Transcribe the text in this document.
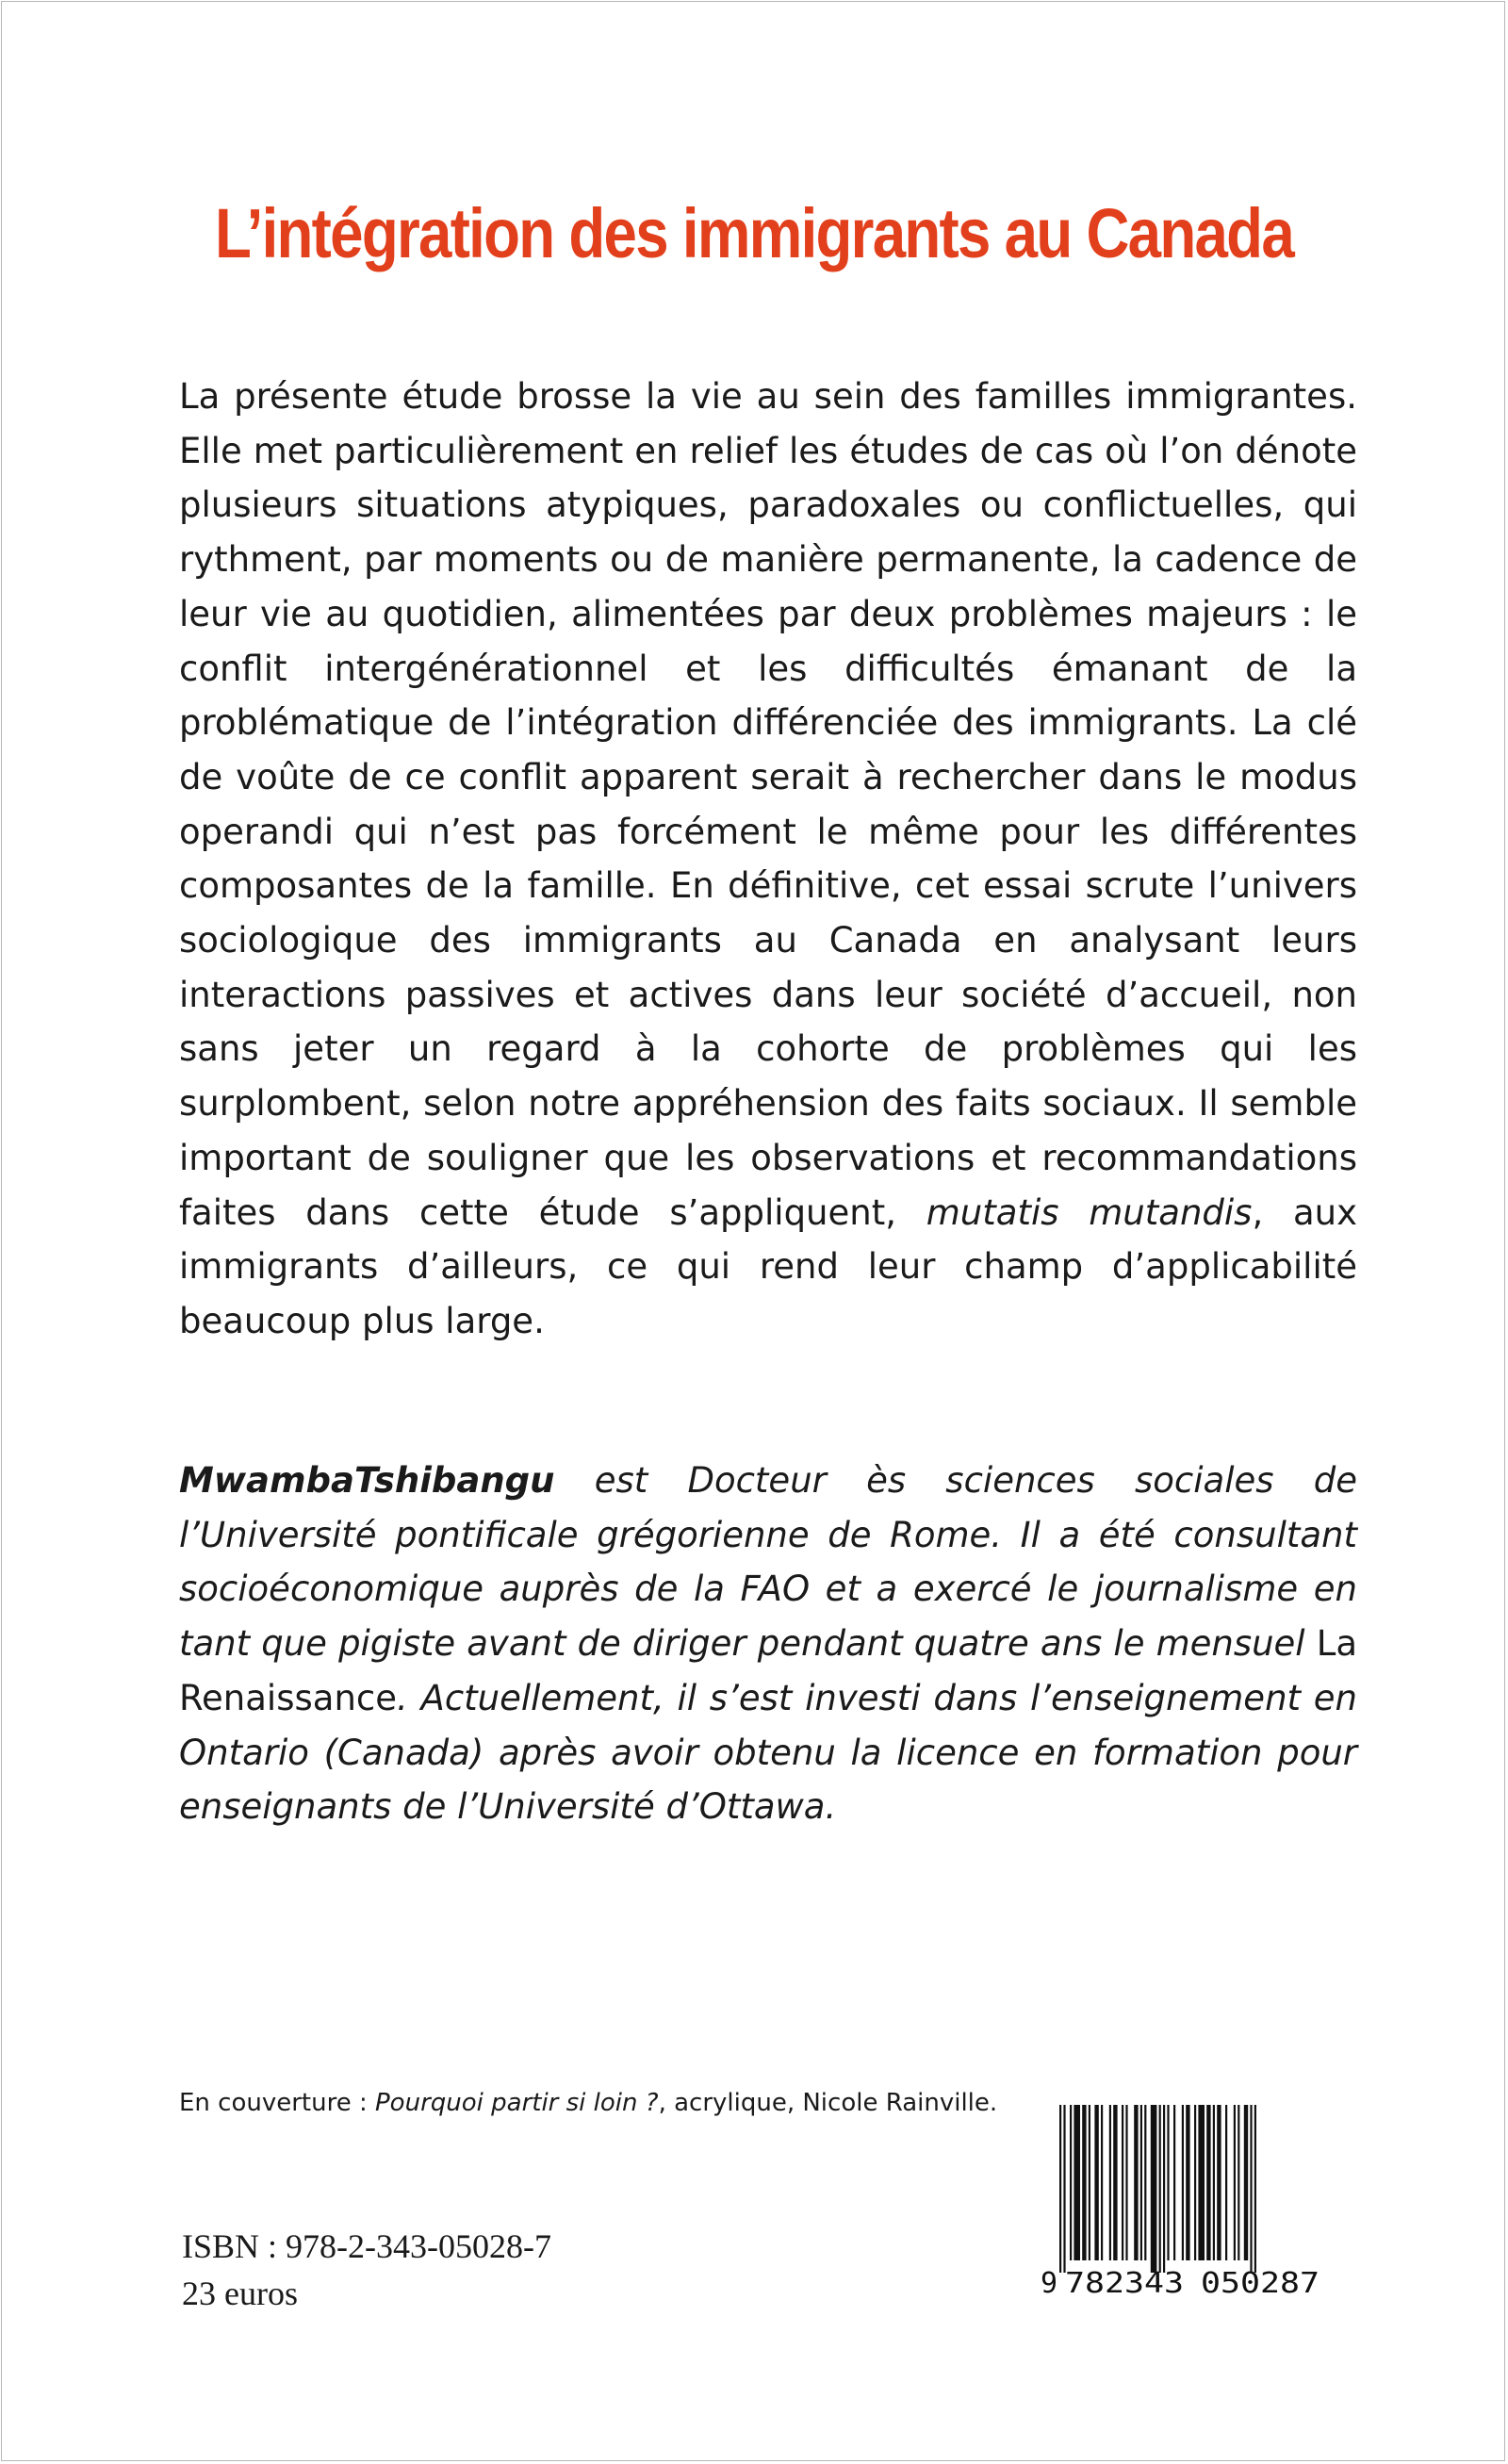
L’intégration des immigrants au Canada

La présente étude brosse la vie au sein des familles immigrantes. Elle met particulièrement en relief les études de cas où l’on dénote plusieurs situations atypiques, paradoxales ou conflictuelles, qui rythment, par moments ou de manière permanente, la cadence de leur vie au quotidien, alimentées par deux problèmes majeurs : le conflit intergénérationnel et les difficultés émanant de la problématique de l’intégration différenciée des immigrants. La clé de voûte de ce conflit apparent serait à rechercher dans le modus operandi qui n’est pas forcément le même pour les différentes composantes de la famille. En définitive, cet essai scrute l’univers sociologique des immigrants au Canada en analysant leurs interactions passives et actives dans leur société d’accueil, non sans jeter un regard à la cohorte de problèmes qui les surplombent, selon notre appréhension des faits sociaux. Il semble important de souligner que les observations et recommandations faites dans cette étude s’appliquent, mutatis mutandis, aux immigrants d’ailleurs, ce qui rend leur champ d’applicabilité beaucoup plus large.

MwambaTshibangu est Docteur ès sciences sociales de l’Université pontificale grégorienne de Rome. Il a été consultant socioéconomique auprès de la FAO et a exercé le journalisme en tant que pigiste avant de diriger pendant quatre ans le mensuel La Renaissance. Actuellement, il s’est investi dans l’enseignement en Ontario (Canada) après avoir obtenu la licence en formation pour enseignants de l’Université d’Ottawa.

En couverture : Pourquoi partir si loin ?, acrylique, Nicole Rainville.
ISBN : 978-2-343-05028-7
23 euros	9 782343 050287
